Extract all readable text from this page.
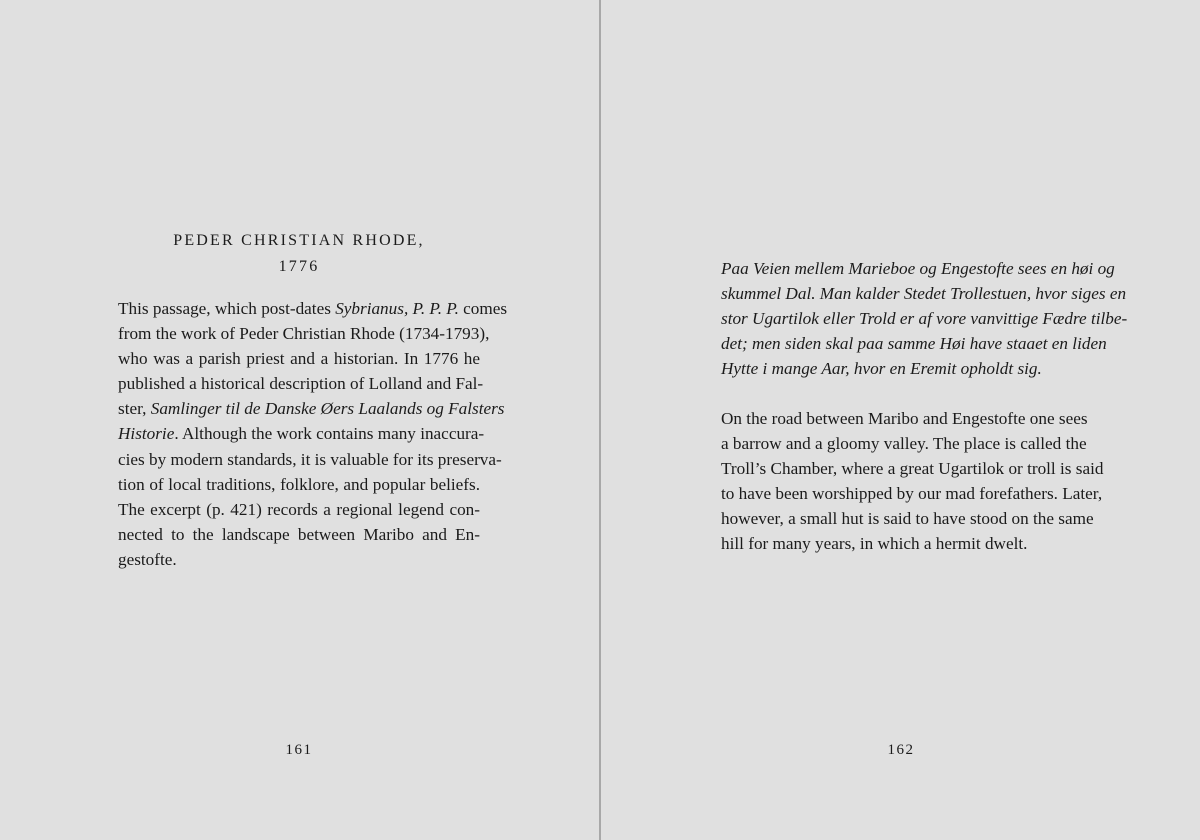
PEDER CHRISTIAN RHODE,
1776
This passage, which post-dates Sybrianus, P. P. P. comes
from the work of Peder Christian Rhode (1734-1793),
who was a parish priest and a historian. In 1776 he
published a historical description of Lolland and Fal-
ster, Samlinger til de Danske Øers Laalands og Falsters
Historie. Although the work contains many inaccura-
cies by modern standards, it is valuable for its preserva-
tion of local traditions, folklore, and popular beliefs.
The excerpt (p. 421) records a regional legend con-
nected to the landscape between Maribo and En-
gestofte.
161
Paa Veien mellem Marieboe og Engestofte sees en høi og
skummel Dal. Man kalder Stedet Trollestuen, hvor siges en
stor Ugartilok eller Trold er af vore vanvittige Fædre tilbe-
det; men siden skal paa samme Høi have staaet en liden
Hytte i mange Aar, hvor en Eremit opholdt sig.
On the road between Maribo and Engestofte one sees
a barrow and a gloomy valley. The place is called the
Troll’s Chamber, where a great Ugartilok or troll is said
to have been worshipped by our mad forefathers. Later,
however, a small hut is said to have stood on the same
hill for many years, in which a hermit dwelt.
162
